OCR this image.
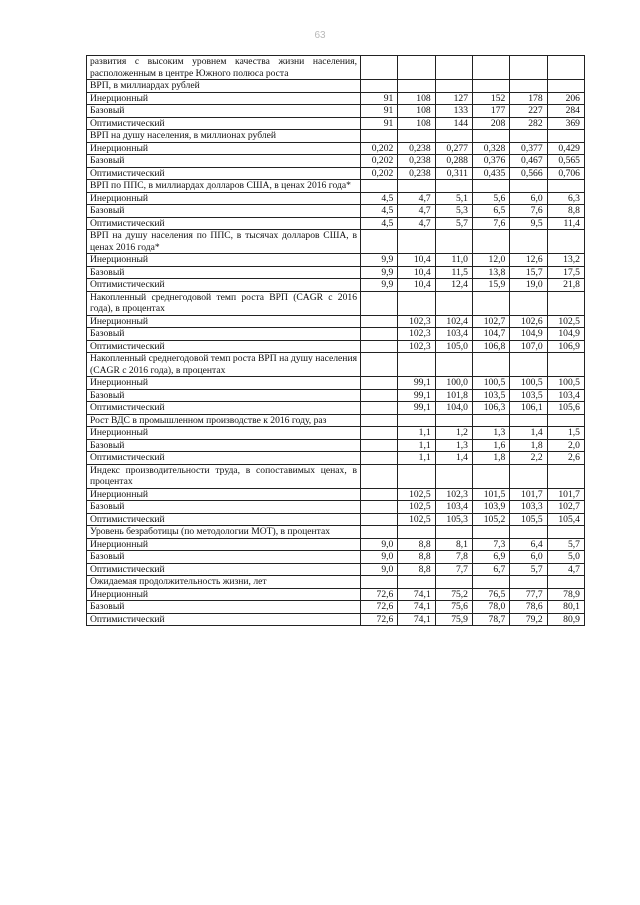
63
развития с высоким уровнем качества жизни населения, расположенным в центре Южного полюса роста						
ВРП, в миллиардах рублей						
Инерционный	91	108	127	152	178	206
Базовый	91	108	133	177	227	284
Оптимистический	91	108	144	208	282	369
ВРП на душу населения, в миллионах рублей						
Инерционный	0,202	0,238	0,277	0,328	0,377	0,429
Базовый	0,202	0,238	0,288	0,376	0,467	0,565
Оптимистический	0,202	0,238	0,311	0,435	0,566	0,706
ВРП по ППС, в миллиардах долларов США, в ценах 2016 года*						
Инерционный	4,5	4,7	5,1	5,6	6,0	6,3
Базовый	4,5	4,7	5,3	6,5	7,6	8,8
Оптимистический	4,5	4,7	5,7	7,6	9,5	11,4
ВРП на душу населения по ППС, в тысячах долларов США, в ценах 2016 года*						
Инерционный	9,9	10,4	11,0	12,0	12,6	13,2
Базовый	9,9	10,4	11,5	13,8	15,7	17,5
Оптимистический	9,9	10,4	12,4	15,9	19,0	21,8
Накопленный среднегодовой темп роста ВРП (CAGR с 2016 года), в процентах						
Инерционный		102,3	102,4	102,7	102,6	102,5
Базовый		102,3	103,4	104,7	104,9	104,9
Оптимистический		102,3	105,0	106,8	107,0	106,9
Накопленный среднегодовой темп роста ВРП на душу населения (CAGR с 2016 года), в процентах						
Инерционный		99,1	100,0	100,5	100,5	100,5
Базовый		99,1	101,8	103,5	103,5	103,4
Оптимистический		99,1	104,0	106,3	106,1	105,6
Рост ВДС в промышленном производстве к 2016 году, раз						
Инерционный		1,1	1,2	1,3	1,4	1,5
Базовый		1,1	1,3	1,6	1,8	2,0
Оптимистический		1,1	1,4	1,8	2,2	2,6
Индекс производительности труда, в сопоставимых ценах, в процентах						
Инерционный		102,5	102,3	101,5	101,7	101,7
Базовый		102,5	103,4	103,9	103,3	102,7
Оптимистический		102,5	105,3	105,2	105,5	105,4
Уровень безработицы (по методологии МОТ), в процентах						
Инерционный	9,0	8,8	8,1	7,3	6,4	5,7
Базовый	9,0	8,8	7,8	6,9	6,0	5,0
Оптимистический	9,0	8,8	7,7	6,7	5,7	4,7
Ожидаемая продолжительность жизни, лет						
Инерционный	72,6	74,1	75,2	76,5	77,7	78,9
Базовый	72,6	74,1	75,6	78,0	78,6	80,1
Оптимистический	72,6	74,1	75,9	78,7	79,2	80,9
